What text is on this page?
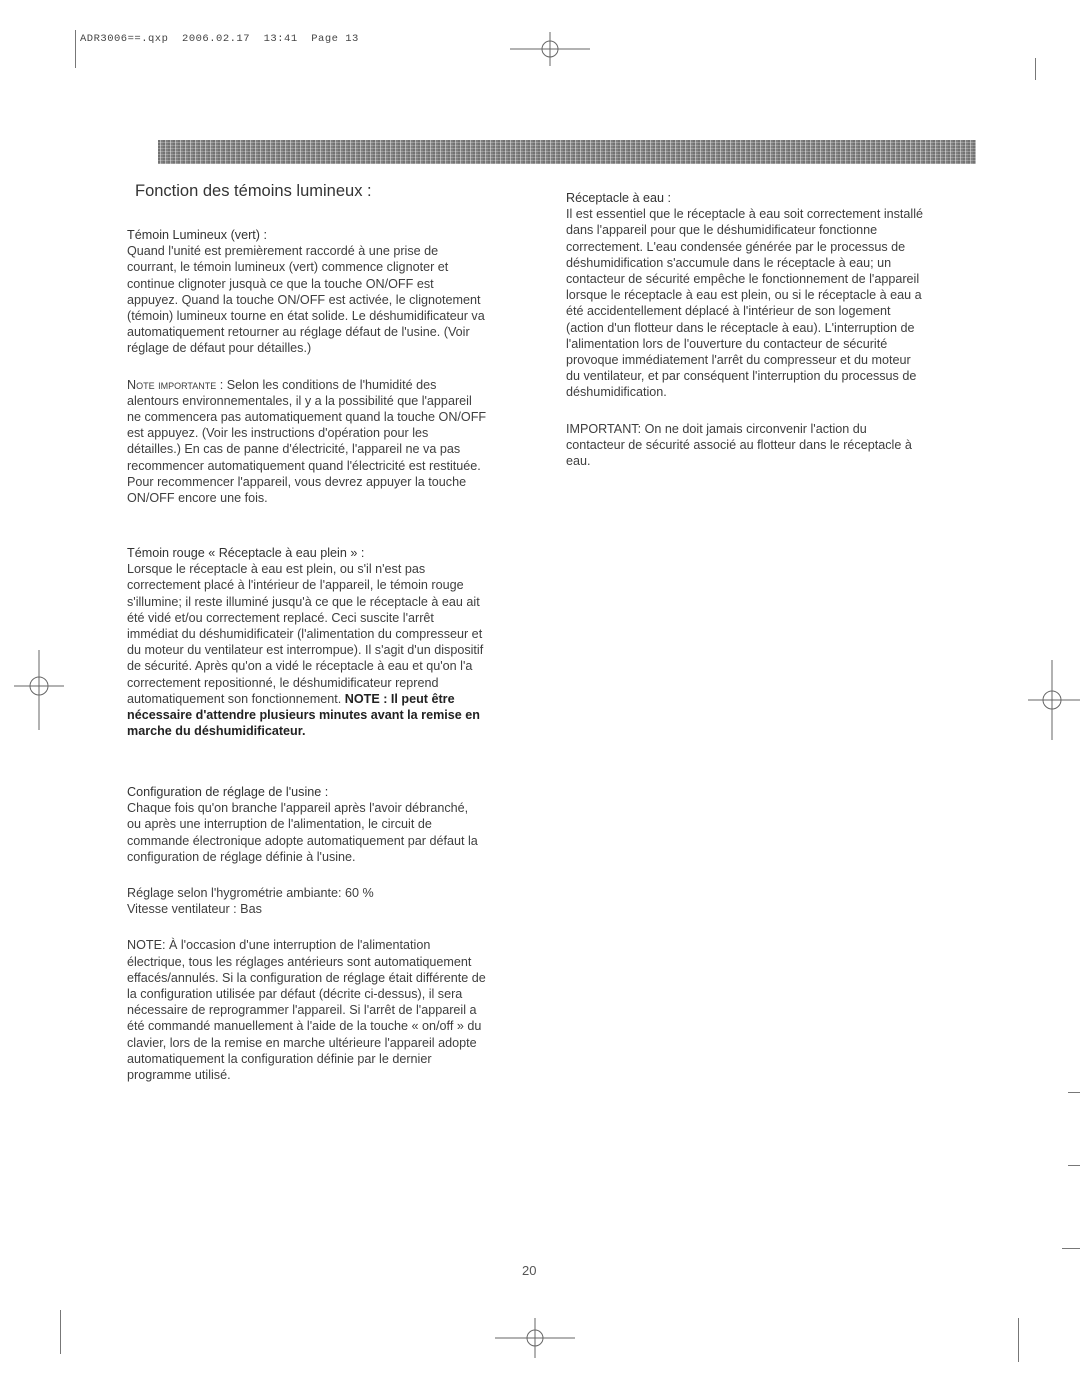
ADR3006==.qxp  2006.02.17  13:41  Page 13
Fonction des témoins lumineux :
Témoin Lumineux (vert) :
Quand l'unité est premièrement raccordé à une prise de
courrant, le témoin lumineux (vert) commence clignoter et
continue clignoter jusquà ce que la touche ON/OFF est
appuyez. Quand la touche ON/OFF est activée, le clignotement
(témoin) lumineux tourne en état solide. Le déshumidificateur va
automatiquement retourner au réglage défaut de l'usine. (Voir
réglage de défaut pour détailles.)
Note importante : Selon les conditions de l'humidité des
alentours environnementales, il y a la possibilité que l'appareil
ne commencera pas automatiquement quand la touche ON/OFF
est appuyez. (Voir les instructions d'opération pour les
détailles.) En cas de panne d'électricité, l'appareil ne va pas
recommencer automatiquement quand l'électricité est restituée.
Pour recommencer l'appareil, vous devrez appuyer la touche
ON/OFF encore une fois.
Témoin rouge « Réceptacle à eau plein » :
Lorsque le réceptacle à eau est plein, ou s'il n'est pas
correctement placé à l'intérieur de l'appareil, le témoin rouge
s'illumine; il reste illuminé jusqu'à ce que le réceptacle à eau ait
été vidé et/ou correctement replacé. Ceci suscite l'arrêt
immédiat du déshumidificateir (l'alimentation du compresseur et
du moteur du ventilateur est interrompue). Il s'agit d'un dispositif
de sécurité. Après qu'on a vidé le réceptacle à eau et qu'on l'a
correctement repositionné, le déshumidificateur reprend
automatiquement son fonctionnement. NOTE : Il peut être
nécessaire d'attendre plusieurs minutes avant la remise en
marche du déshumidificateur.
Configuration de réglage de l'usine :
Chaque fois qu'on branche l'appareil après l'avoir débranché,
ou après une interruption de l'alimentation, le circuit de
commande électronique adopte automatiquement par défaut la
configuration de réglage définie à l'usine.
Réglage selon l'hygrométrie ambiante: 60 %
Vitesse ventilateur : Bas
NOTE: À l'occasion d'une interruption de l'alimentation
électrique, tous les réglages antérieurs sont automatiquement
effacés/annulés. Si la configuration de réglage était différente de
la configuration utilisée par défaut (décrite ci-dessus), il sera
nécessaire de reprogrammer l'appareil. Si l'arrêt de l'appareil a
été commandé manuellement à l'aide de la touche « on/off » du
clavier, lors de la remise en marche ultérieure l'appareil adopte
automatiquement la configuration définie par le dernier
programme utilisé.
Réceptacle à eau :
Il est essentiel que le réceptacle à eau soit correctement installé
dans l'appareil pour que le déshumidificateur fonctionne
correctement. L'eau condensée générée par le processus de
déshumidification s'accumule dans le réceptacle à eau; un
contacteur de sécurité empêche le fonctionnement de l'appareil
lorsque le réceptacle à eau est plein, ou si le réceptacle à eau a
été accidentellement déplacé à l'intérieur de son logement
(action d'un flotteur dans le réceptacle à eau). L'interruption de
l'alimentation lors de l'ouverture du contacteur de sécurité
provoque immédiatement l'arrêt du compresseur et du moteur
du ventilateur, et par conséquent l'interruption du processus de
déshumidification.
IMPORTANT: On ne doit jamais circonvenir l'action du
contacteur de sécurité associé au flotteur dans le réceptacle à
eau.
20
